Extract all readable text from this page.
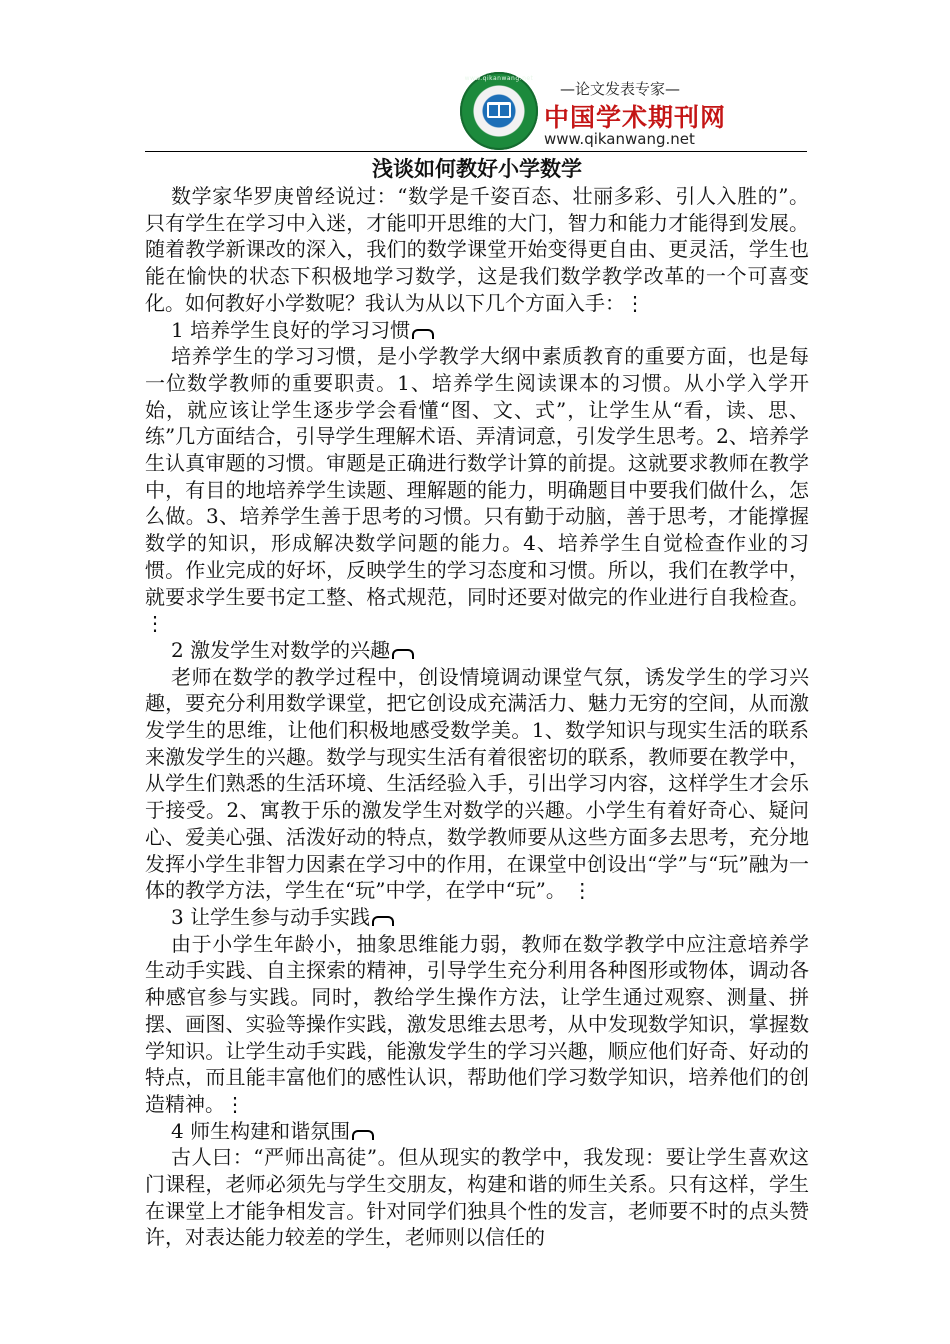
www.qikanwang.net
—论文发表专家—
中国学术期刊网
www.qikanwang.net
浅谈如何教好小学数学

数学家华罗庚曾经说过：“数学是千姿百态、壮丽多彩、引人入胜的”。只有学生在学习中入迷，才能叩开思维的大门，智力和能力才能得到发展。随着教学新课改的深入，我们的数学课堂开始变得更自由、更灵活，学生也能在愉快的状态下积极地学习数学，这是我们数学教学改革的一个可喜变化。如何教好小学数呢？我认为从以下几个方面入手：⋮

1 培养学生良好的学习习惯

培养学生的学习习惯，是小学教学大纲中素质教育的重要方面，也是每一位数学教师的重要职责。1、培养学生阅读课本的习惯。从小学入学开始，就应该让学生逐步学会看懂“图、文、式”，让学生从“看，读、思、练”几方面结合，引导学生理解术语、弄清词意，引发学生思考。2、培养学生认真审题的习惯。审题是正确进行数学计算的前提。这就要求教师在教学中，有目的地培养学生读题、理解题的能力，明确题目中要我们做什么，怎么做。3、培养学生善于思考的习惯。只有勤于动脑，善于思考，才能撑握数学的知识，形成解决数学问题的能力。4、培养学生自觉检查作业的习惯。作业完成的好坏，反映学生的学习态度和习惯。所以，我们在教学中，就要求学生要书定工整、格式规范，同时还要对做完的作业进行自我检查。⋮

2 激发学生对数学的兴趣

老师在数学的教学过程中，创设情境调动课堂气氛，诱发学生的学习兴趣，要充分利用数学课堂，把它创设成充满活力、魅力无穷的空间，从而激发学生的思维，让他们积极地感受数学美。1、数学知识与现实生活的联系来激发学生的兴趣。数学与现实生活有着很密切的联系，教师要在教学中，从学生们熟悉的生活环境、生活经验入手，引出学习内容，这样学生才会乐于接受。2、寓教于乐的激发学生对数学的兴趣。小学生有着好奇心、疑问心、爱美心强、活泼好动的特点，数学教师要从这些方面多去思考，充分地发挥小学生非智力因素在学习中的作用，在课堂中创设出“学”与“玩”融为一体的教学方法，学生在“玩”中学，在学中“玩”。 ⋮

3 让学生参与动手实践

由于小学生年龄小，抽象思维能力弱，教师在数学教学中应注意培养学生动手实践、自主探索的精神，引导学生充分利用各种图形或物体，调动各种感官参与实践。同时，教给学生操作方法，让学生通过观察、测量、拼摆、画图、实验等操作实践，激发思维去思考，从中发现数学知识，掌握数学知识。让学生动手实践，能激发学生的学习兴趣，顺应他们好奇、好动的特点，而且能丰富他们的感性认识，帮助他们学习数学知识，培养他们的创造精神。⋮

4 师生构建和谐氛围

古人曰：“严师出高徒”。但从现实的教学中，我发现：要让学生喜欢这门课程，老师必须先与学生交朋友，构建和谐的师生关系。只有这样，学生在课堂上才能争相发言。针对同学们独具个性的发言，老师要不时的点头赞许，对表达能力较差的学生，老师则以信任的
